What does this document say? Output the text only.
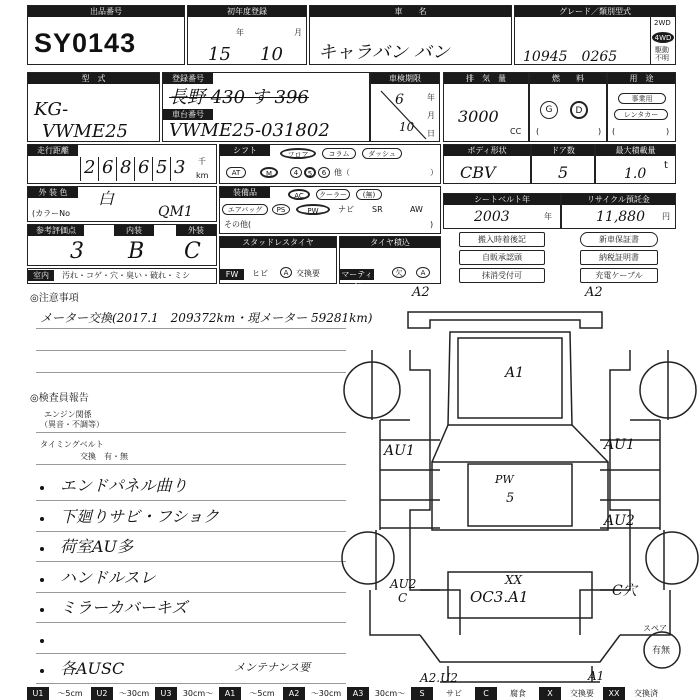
出品番号
SY0143
初年度登録
年	月
15 10
車　　名
キャラバン バン
グレード／類別型式
10945　0265
2WD
4WD
駆動
不明
型　式
KG-
VWME25
登録番号
長野 430 す 396
車台番号
VWME25-031802
車検期限
年
月
日
6
10
排　気　量
3000
CC
燃　　料
G	D
(	)
用　途
事業用
レンタカー
(	)
走行距離
2 6 8 6 5 3 千
km
シフト	フロア	コラム	ダッシュ
AT	M	4	5	6 他（	）
ボディ形状
CBV
ドア数
5
最大積載量
1.0
t
外 装 色	白
(カラーNo	QM1
装備品	AC	クーラー	(無)
エアバッグ	PS	PW	ナビ SR	AW
その他(	)
シートベルト年
2003	年
リサイクル預託金
11,880 円
参考評価点	内装	外装
3 B C
室内	汚れ・コゲ・穴・臭い・破れ・ミシ
スタッドレスタイヤ
FW	ヒビ	A 交換要
タイヤ積込
マーティン
欠	A
搬入時着後記	新車保証書
自販承認頭	納税証明書
抹消受付可	充電ケーブル
◎注意事項
メーター交換(2017.1　209372km・現メーター 59281km)
◎検査員報告
エンジン関係
（異音・不調等）
タイミングベルト
交換　有・無
エンドパネル曲り
下廻りサビ・フショク
荷室AU多
ハンドルスレ
ミラーカバーキズ
各AUSC	メンテナンス要
A2	A2
A1
AU1	AU1
PW
5
AU2
AU2
C	C穴
XX
OC3.A1
A2.U2	A1
スペア
有無
U1	〜5cm	U2	〜30cm	U3	30cm〜	A1	〜5cm	A2	〜30cm	A3	30cm〜	S	サビ	C	腐食	X	交換要	XX	交換済
